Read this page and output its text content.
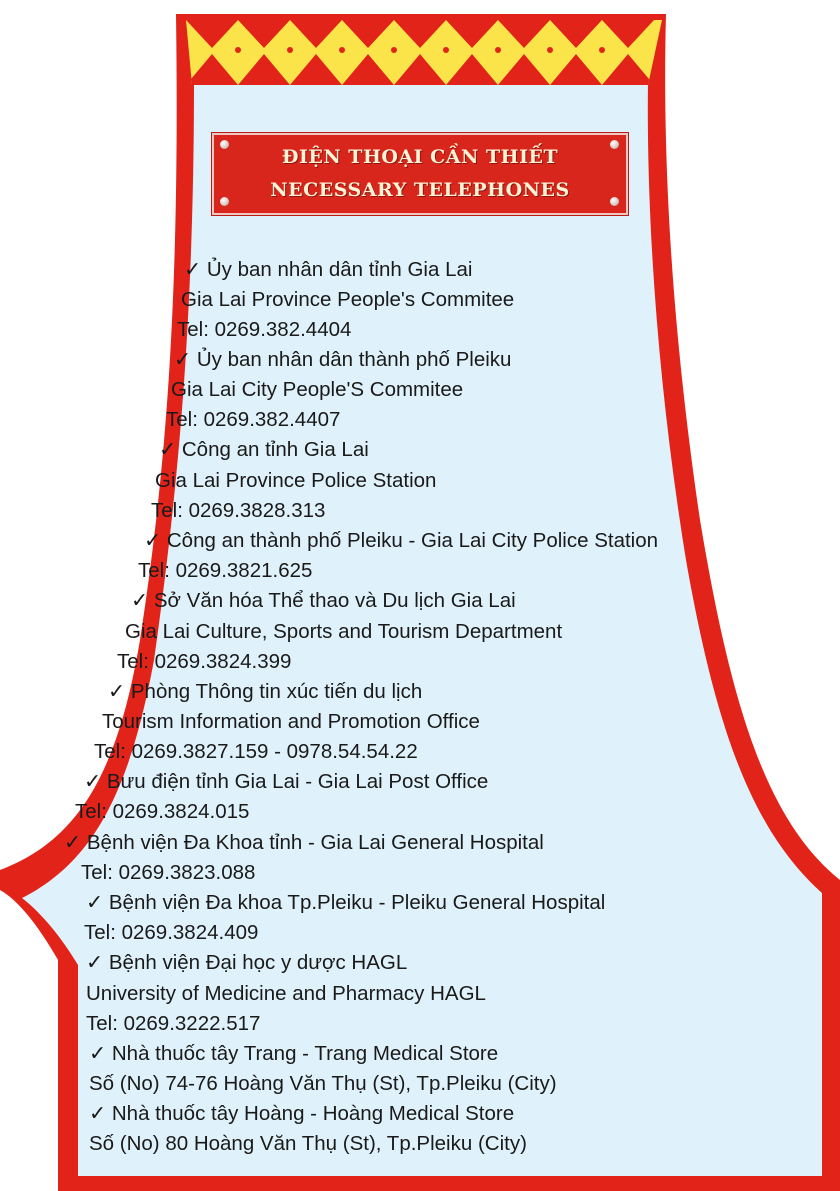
ĐIỆN THOẠI CẦN THIẾT
NECESSARY TELEPHONES
✓ Ủy ban nhân dân tỉnh Gia Lai
Gia Lai Province People's Commitee
Tel: 0269.382.4404
✓ Ủy ban nhân dân thành phố Pleiku
Gia Lai City People'S Commitee
Tel: 0269.382.4407
✓ Công an tỉnh Gia Lai
Gia Lai Province Police Station
Tel: 0269.3828.313
✓ Công an thành phố Pleiku - Gia Lai City Police Station
Tel: 0269.3821.625
✓ Sở Văn hóa Thể thao và Du lịch Gia Lai
Gia Lai Culture, Sports and Tourism Department
Tel: 0269.3824.399
✓ Phòng Thông tin xúc tiến du lịch
Tourism Information and Promotion Office
Tel: 0269.3827.159 - 0978.54.54.22
✓ Bưu điện tỉnh Gia Lai - Gia Lai Post Office
Tel: 0269.3824.015
✓ Bệnh viện Đa Khoa tỉnh - Gia Lai General Hospital
Tel: 0269.3823.088
✓ Bệnh viện Đa khoa Tp.Pleiku - Pleiku General Hospital
Tel: 0269.3824.409
✓ Bệnh viện Đại học y dược HAGL
University of Medicine and Pharmacy HAGL
Tel: 0269.3222.517
✓ Nhà thuốc tây Trang - Trang Medical Store
Số (No) 74-76 Hoàng Văn Thụ (St), Tp.Pleiku (City)
✓ Nhà thuốc tây Hoàng - Hoàng Medical Store
Số (No) 80 Hoàng Văn Thụ (St), Tp.Pleiku (City)
